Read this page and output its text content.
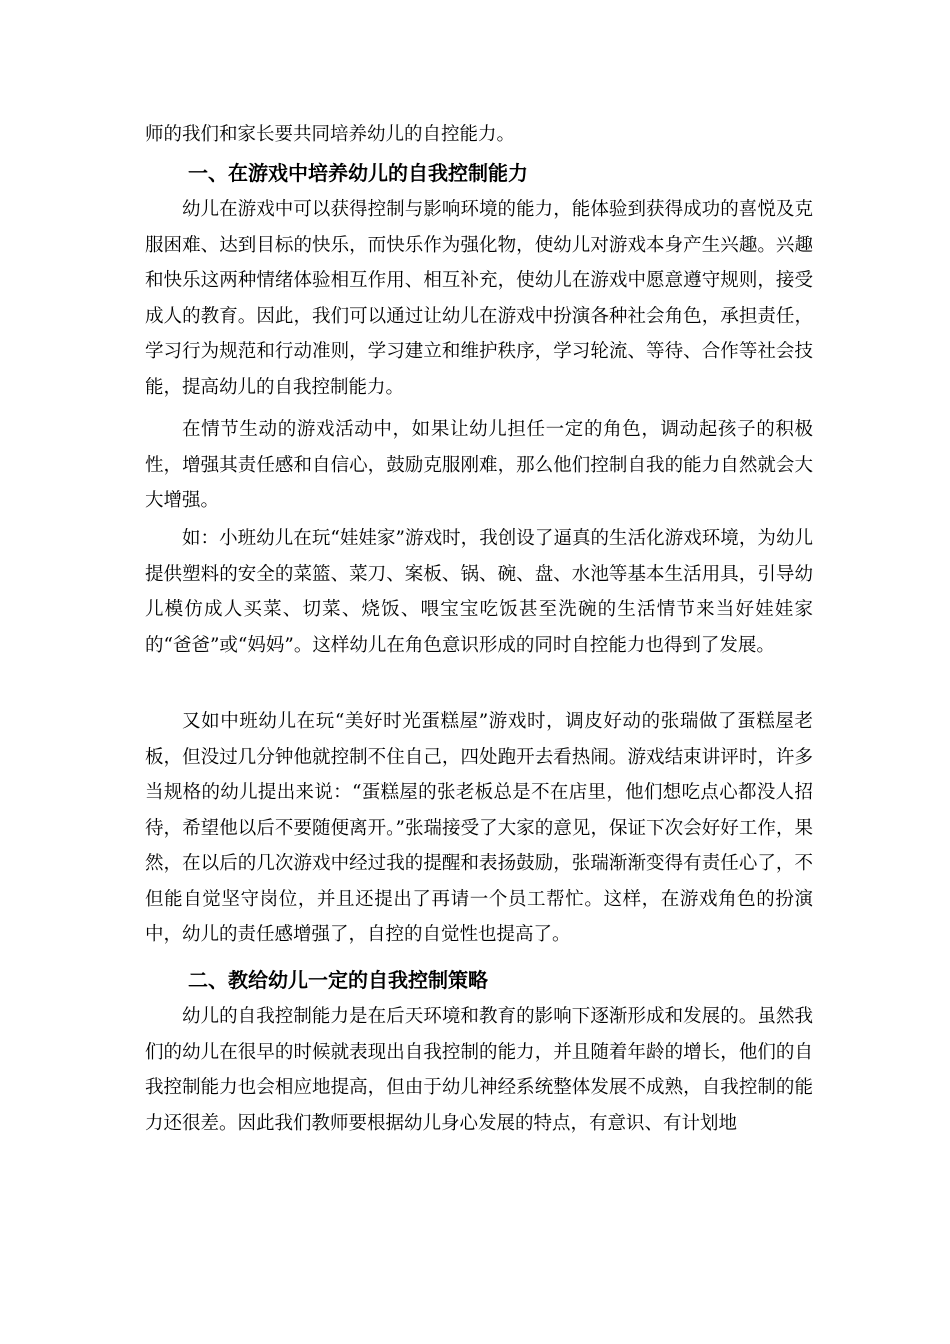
师的我们和家长要共同培养幼儿的自控能力。

一、在游戏中培养幼儿的自我控制能力

幼儿在游戏中可以获得控制与影响环境的能力，能体验到获得成功的喜悦及克服困难、达到目标的快乐，而快乐作为强化物，使幼儿对游戏本身产生兴趣。兴趣和快乐这两种情绪体验相互作用、相互补充，使幼儿在游戏中愿意遵守规则，接受成人的教育。因此，我们可以通过让幼儿在游戏中扮演各种社会角色，承担责任，学习行为规范和行动准则，学习建立和维护秩序，学习轮流、等待、合作等社会技能，提高幼儿的自我控制能力。

在情节生动的游戏活动中，如果让幼儿担任一定的角色，调动起孩子的积极性，增强其责任感和自信心，鼓励克服刚难，那么他们控制自我的能力自然就会大大增强。

如：小班幼儿在玩“娃娃家”游戏时，我创设了逼真的生活化游戏环境，为幼儿提供塑料的安全的菜篮、菜刀、案板、锅、碗、盘、水池等基本生活用具，引导幼儿模仿成人买菜、切菜、烧饭、喂宝宝吃饭甚至洗碗的生活情节来当好娃娃家的“爸爸”或“妈妈”。这样幼儿在角色意识形成的同时自控能力也得到了发展。

又如中班幼儿在玩“美好时光蛋糕屋”游戏时，调皮好动的张瑞做了蛋糕屋老板，但没过几分钟他就控制不住自己，四处跑开去看热闹。游戏结束讲评时，许多当规格的幼儿提出来说：“蛋糕屋的张老板总是不在店里，他们想吃点心都没人招待，希望他以后不要随便离开。”张瑞接受了大家的意见，保证下次会好好工作，果然，在以后的几次游戏中经过我的提醒和表扬鼓励，张瑞渐渐变得有责任心了，不但能自觉坚守岗位，并且还提出了再请一个员工帮忙。这样，在游戏角色的扮演中，幼儿的责任感增强了，自控的自觉性也提高了。

二、教给幼儿一定的自我控制策略

幼儿的自我控制能力是在后天环境和教育的影响下逐渐形成和发展的。虽然我们的幼儿在很早的时候就表现出自我控制的能力，并且随着年龄的增长，他们的自我控制能力也会相应地提高，但由于幼儿神经系统整体发展不成熟，自我控制的能力还很差。因此我们教师要根据幼儿身心发展的特点，有意识、有计划地
